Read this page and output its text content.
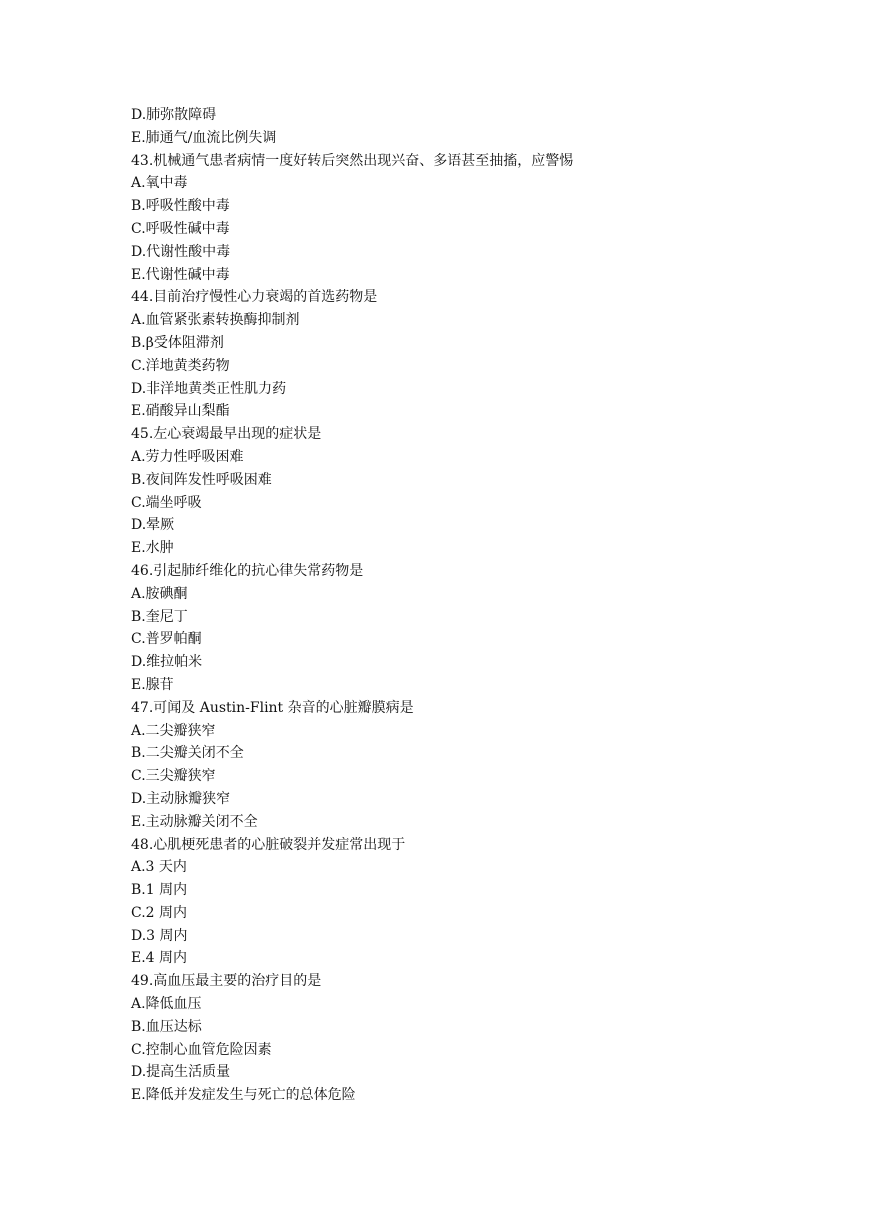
D.肺弥散障碍
E.肺通气/血流比例失调
43.机械通气患者病情一度好转后突然出现兴奋、多语甚至抽搐，应警惕
A.氧中毒
B.呼吸性酸中毒
C.呼吸性碱中毒
D.代谢性酸中毒
E.代谢性碱中毒
44.目前治疗慢性心力衰竭的首选药物是
A.血管紧张素转换酶抑制剂
B.β受体阻滞剂
C.洋地黄类药物
D.非洋地黄类正性肌力药
E.硝酸异山梨酯
45.左心衰竭最早出现的症状是
A.劳力性呼吸困难
B.夜间阵发性呼吸困难
C.端坐呼吸
D.晕厥
E.水肿
46.引起肺纤维化的抗心律失常药物是
A.胺碘酮
B.奎尼丁
C.普罗帕酮
D.维拉帕米
E.腺苷
47.可闻及 Austin-Flint 杂音的心脏瓣膜病是
A.二尖瓣狭窄
B.二尖瓣关闭不全
C.三尖瓣狭窄
D.主动脉瓣狭窄
E.主动脉瓣关闭不全
48.心肌梗死患者的心脏破裂并发症常出现于
A.3 天内
B.1 周内
C.2 周内
D.3 周内
E.4 周内
49.高血压最主要的治疗目的是
A.降低血压
B.血压达标
C.控制心血管危险因素
D.提高生活质量
E.降低并发症发生与死亡的总体危险
